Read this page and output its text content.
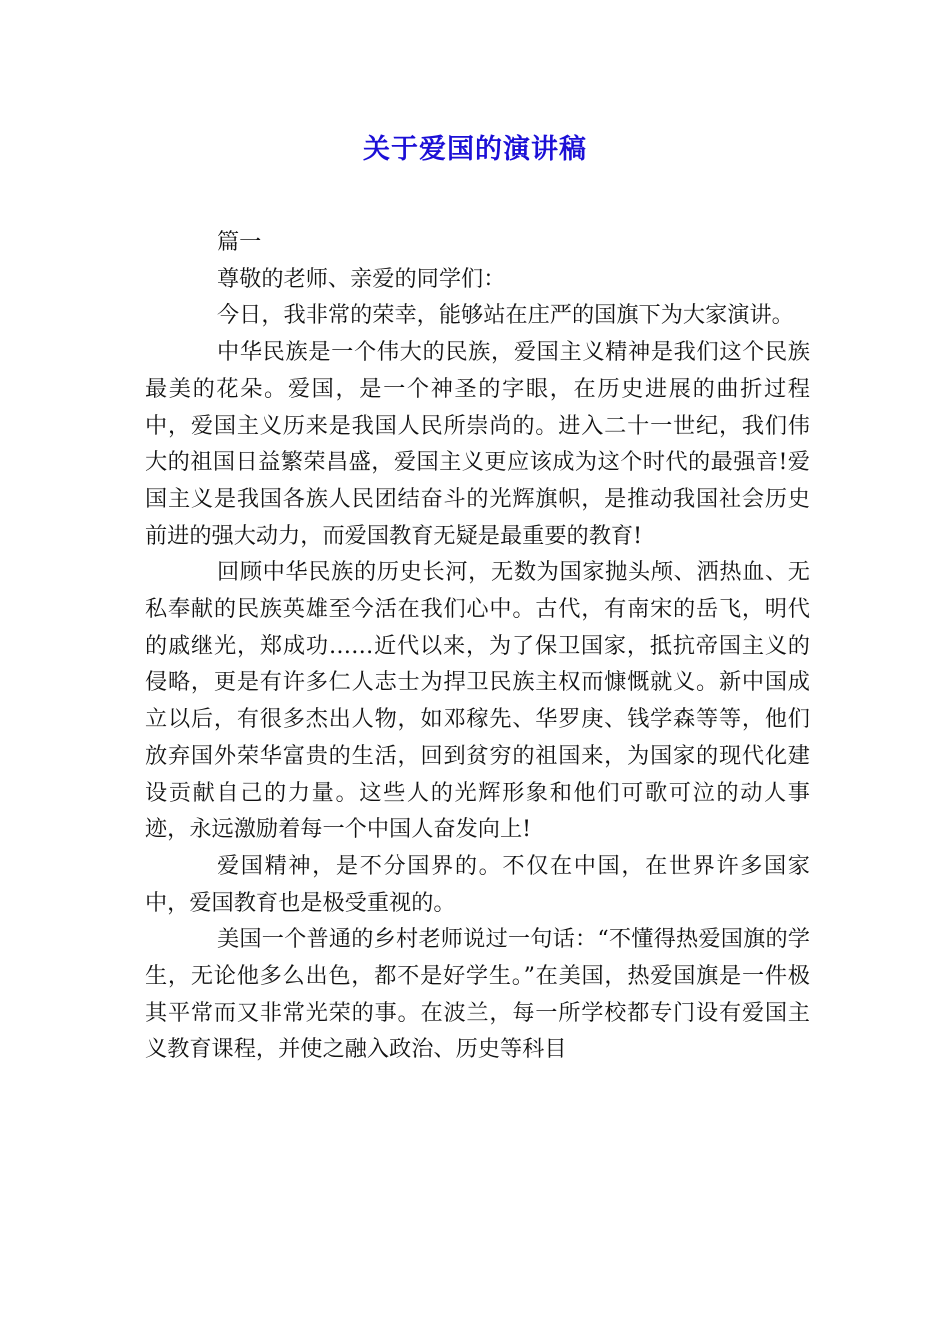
关于爱国的演讲稿

篇一

尊敬的老师、亲爱的同学们：

今日，我非常的荣幸，能够站在庄严的国旗下为大家演讲。

中华民族是一个伟大的民族，爱国主义精神是我们这个民族最美的花朵。爱国，是一个神圣的字眼，在历史进展的曲折过程中，爱国主义历来是我国人民所崇尚的。进入二十一世纪，我们伟大的祖国日益繁荣昌盛，爱国主义更应该成为这个时代的最强音!爱国主义是我国各族人民团结奋斗的光辉旗帜，是推动我国社会历史前进的强大动力，而爱国教育无疑是最重要的教育!

回顾中华民族的历史长河，无数为国家抛头颅、洒热血、无私奉献的民族英雄至今活在我们心中。古代，有南宋的岳飞，明代的戚继光，郑成功……近代以来，为了保卫国家，抵抗帝国主义的侵略，更是有许多仁人志士为捍卫民族主权而慷慨就义。新中国成立以后，有很多杰出人物，如邓稼先、华罗庚、钱学森等等，他们放弃国外荣华富贵的生活，回到贫穷的祖国来，为国家的现代化建设贡献自己的力量。这些人的光辉形象和他们可歌可泣的动人事迹，永远激励着每一个中国人奋发向上!

爱国精神，是不分国界的。不仅在中国，在世界许多国家中，爱国教育也是极受重视的。

美国一个普通的乡村老师说过一句话：“不懂得热爱国旗的学生，无论他多么出色，都不是好学生。”在美国，热爱国旗是一件极其平常而又非常光荣的事。在波兰，每一所学校都专门设有爱国主义教育课程，并使之融入政治、历史等科目
